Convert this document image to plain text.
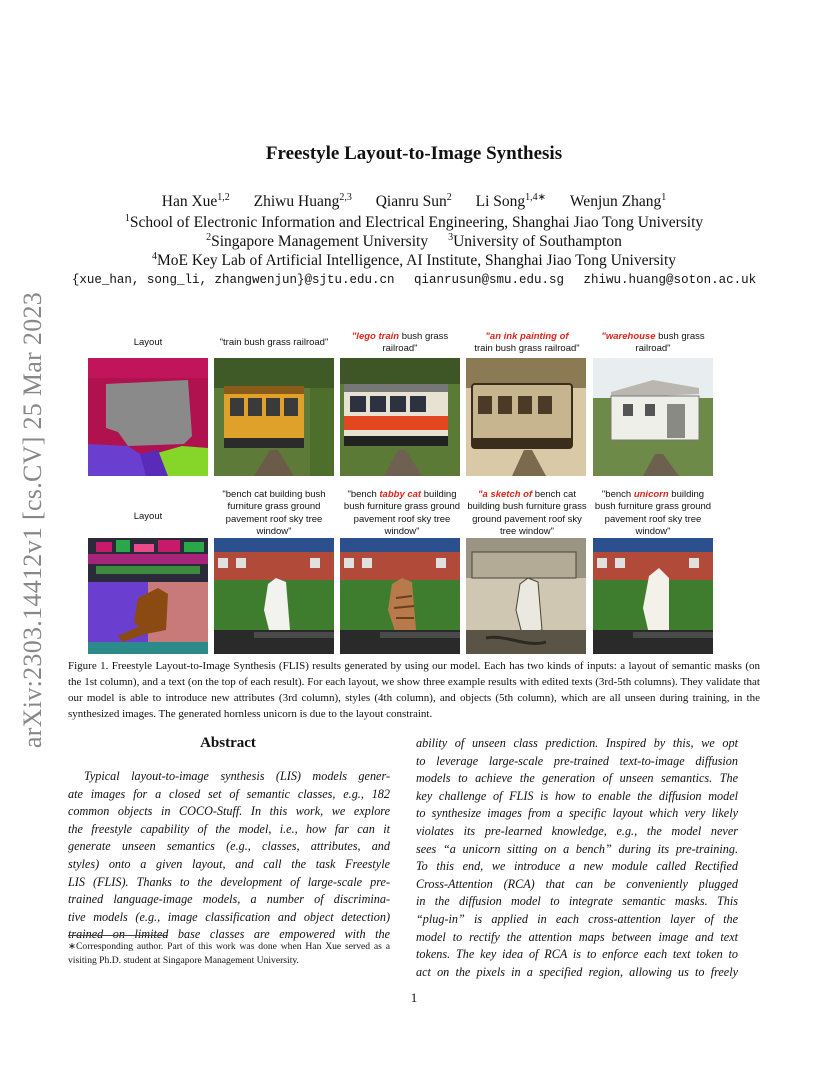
arXiv:2303.14412v1 [cs.CV] 25 Mar 2023
Freestyle Layout-to-Image Synthesis
Han Xue$^{1,2}$ Zhiwu Huang$^{2,3}$ Qianru Sun$^2$ Li Song$^{1,4∗}$ Wenjun Zhang$^1$
$^1$School of Electronic Information and Electrical Engineering, Shanghai Jiao Tong University
$^2$Singapore Management University $^3$University of Southampton
$^4$MoE Key Lab of Artificial Intelligence, AI Institute, Shanghai Jiao Tong University
{xue_han, song_li, zhangwenjun}@sjtu.edu.cn qianrusun@smu.edu.sg zhiwu.huang@soton.ac.uk
Layout	"train bush grass railroad"
"lego train bush grass railroad"
"an ink painting of
train bush grass railroad"
"warehouse bush grass railroad"
Layout
"bench cat building bush furniture grass ground pavement roof sky tree window"
"bench tabby cat building bush furniture grass ground pavement roof sky tree window"
"a sketch of bench cat building bush furniture grass ground pavement roof sky tree window"
"bench unicorn building bush furniture grass ground pavement roof sky tree window"
Figure 1. Freestyle Layout-to-Image Synthesis (FLIS) results generated by using our model. Each has two kinds of inputs: a layout of semantic masks (on the 1st column), and a text (on the top of each result). For each layout, we show three example results with edited texts (3rd-5th columns). They validate that our model is able to introduce new attributes (3rd column), styles (4th column), and objects (5th column), which are all unseen during training, in the synthesized images. The generated hornless unicorn is due to the layout constraint.
Abstract
Typical layout-to-image synthesis (LIS) models gener-
ate images for a closed set of semantic classes, e.g., 182
common objects in COCO-Stuff. In this work, we explore
the freestyle capability of the model, i.e., how far can it
generate unseen semantics (e.g., classes, attributes, and
styles) onto a given layout, and call the task Freestyle
LIS (FLIS). Thanks to the development of large-scale pre-
trained language-image models, a number of discrimina-
tive models (e.g., image classification and object detection)
trained on limited base classes are empowered with the
∗Corresponding author. Part of this work was done when Han Xue served as a visiting Ph.D. student at Singapore Management University.
ability of unseen class prediction. Inspired by this, we opt
to leverage large-scale pre-trained text-to-image diffusion
models to achieve the generation of unseen semantics. The
key challenge of FLIS is how to enable the diffusion model
to synthesize images from a specific layout which very likely
violates its pre-learned knowledge, e.g., the model never
sees “a unicorn sitting on a bench” during its pre-training.
To this end, we introduce a new module called Rectified
Cross-Attention (RCA) that can be conveniently plugged
in the diffusion model to integrate semantic masks. This
“plug-in” is applied in each cross-attention layer of the
model to rectify the attention maps between image and text
tokens. The key idea of RCA is to enforce each text token to
act on the pixels in a specified region, allowing us to freely
1
